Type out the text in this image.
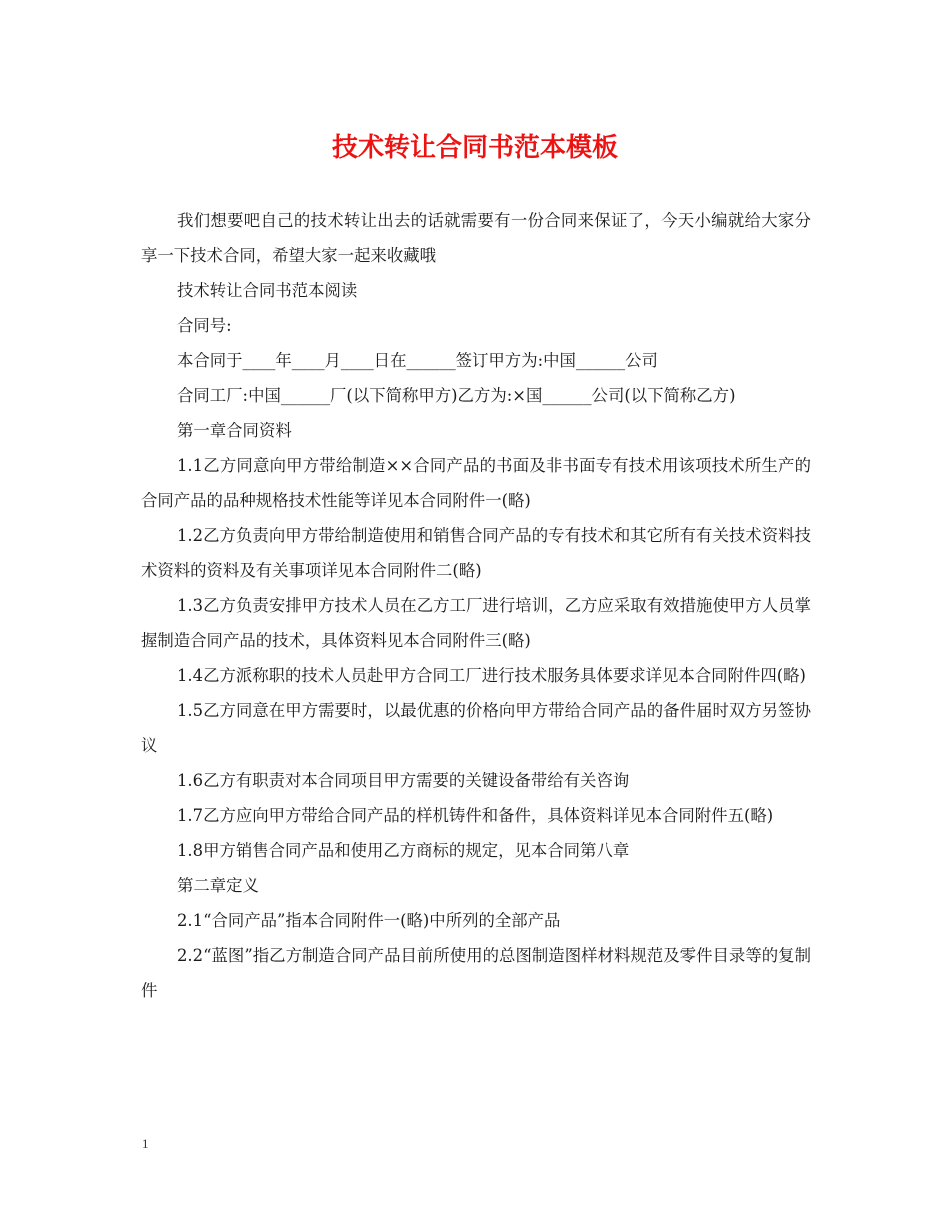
技术转让合同书范本模板

我们想要吧自己的技术转让出去的话就需要有一份合同来保证了，今天小编就给大家分享一下技术合同，希望大家一起来收藏哦

技术转让合同书范本阅读

合同号:

本合同于____年____月____日在______签订甲方为:中国______公司

合同工厂:中国______厂(以下简称甲方)乙方为:×国______公司(以下简称乙方)

第一章合同资料

1.1乙方同意向甲方带给制造××合同产品的书面及非书面专有技术用该项技术所生产的合同产品的品种规格技术性能等详见本合同附件一(略)

1.2乙方负责向甲方带给制造使用和销售合同产品的专有技术和其它所有有关技术资料技术资料的资料及有关事项详见本合同附件二(略)

1.3乙方负责安排甲方技术人员在乙方工厂进行培训，乙方应采取有效措施使甲方人员掌握制造合同产品的技术，具体资料见本合同附件三(略)

1.4乙方派称职的技术人员赴甲方合同工厂进行技术服务具体要求详见本合同附件四(略)

1.5乙方同意在甲方需要时，以最优惠的价格向甲方带给合同产品的备件届时双方另签协议

1.6乙方有职责对本合同项目甲方需要的关键设备带给有关咨询

1.7乙方应向甲方带给合同产品的样机铸件和备件，具体资料详见本合同附件五(略)

1.8甲方销售合同产品和使用乙方商标的规定，见本合同第八章

第二章定义

2.1“合同产品”指本合同附件一(略)中所列的全部产品

2.2“蓝图”指乙方制造合同产品目前所使用的总图制造图样材料规范及零件目录等的复制件

1
